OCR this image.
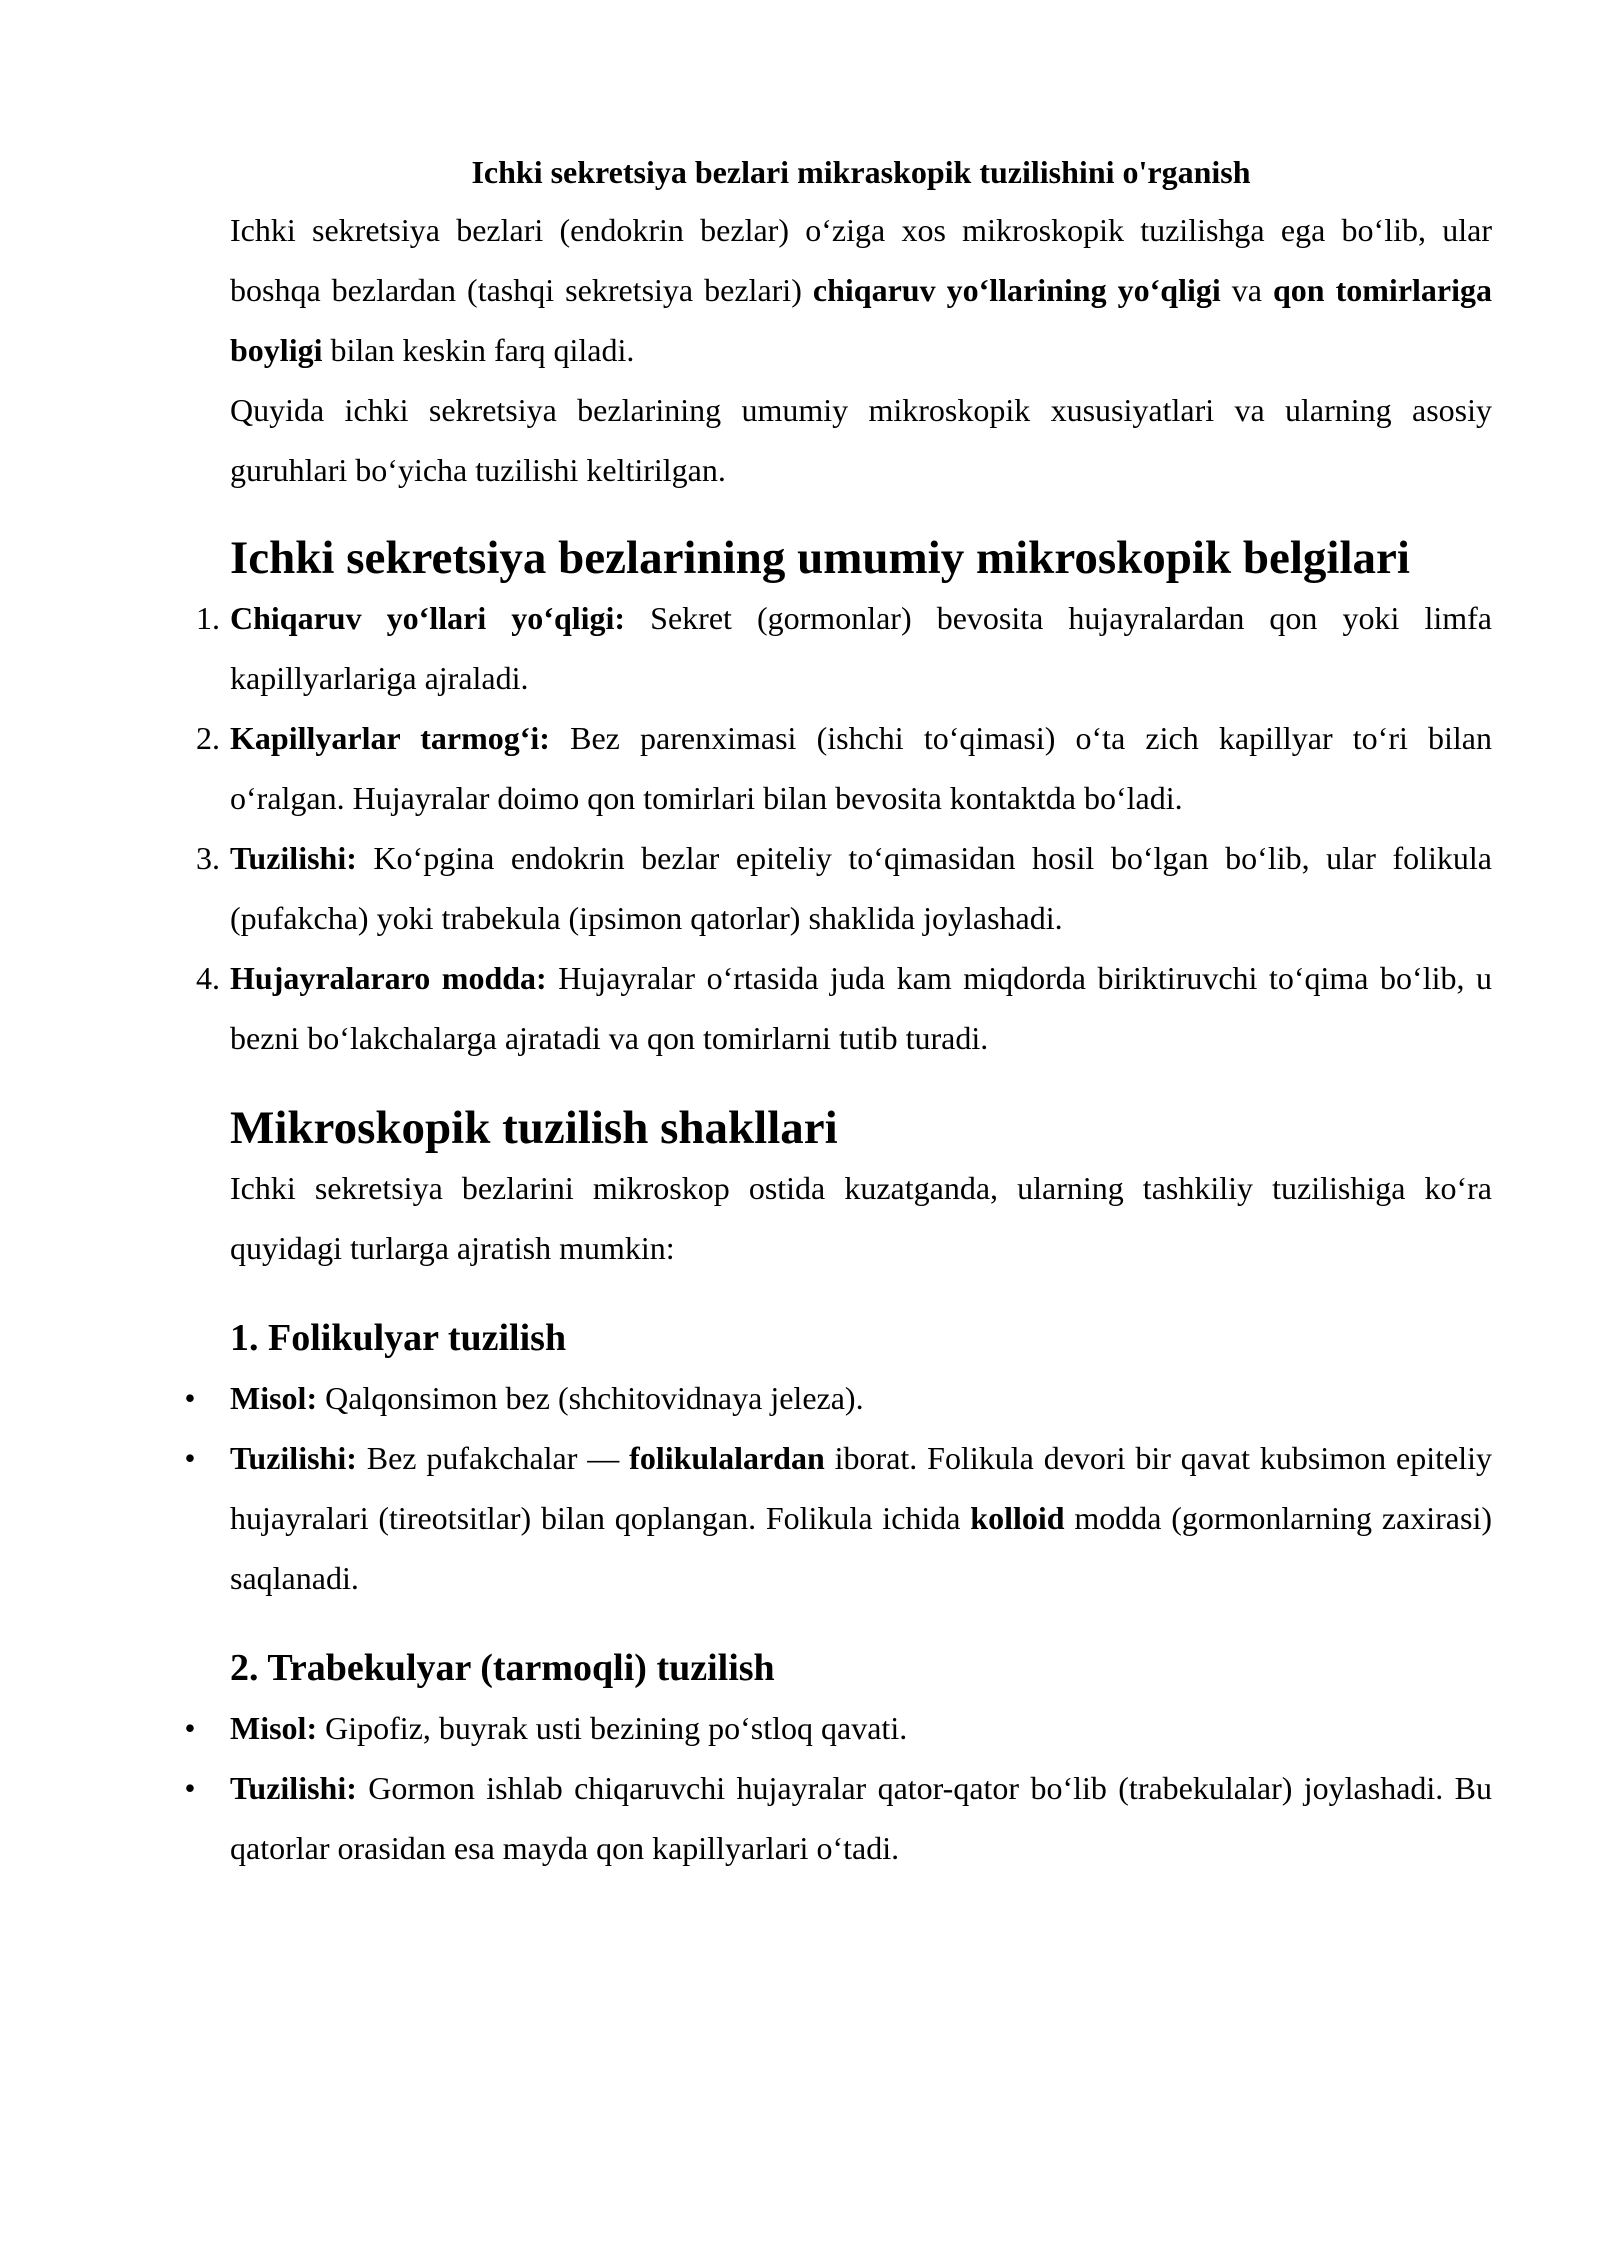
Ichki sekretsiya bezlari mikraskopik tuzilishini o'rganish

Ichki sekretsiya bezlari (endokrin bezlar) o‘ziga xos mikroskopik tuzilishga ega bo‘lib, ular boshqa bezlardan (tashqi sekretsiya bezlari) chiqaruv yo‘llarining yo‘qligi va qon tomirlariga boyligi bilan keskin farq qiladi.

Quyida ichki sekretsiya bezlarining umumiy mikroskopik xususiyatlari va ularning asosiy guruhlari bo‘yicha tuzilishi keltirilgan.

Ichki sekretsiya bezlarining umumiy mikroskopik belgilari
1. Chiqaruv yo‘llari yo‘qligi: Sekret (gormonlar) bevosita hujayralardan qon yoki limfa kapillyarlariga ajraladi.
2. Kapillyarlar tarmog‘i: Bez parenximasi (ishchi to‘qimasi) o‘ta zich kapillyar to‘ri bilan o‘ralgan. Hujayralar doimo qon tomirlari bilan bevosita kontaktda bo‘ladi.
3. Tuzilishi: Ko‘pgina endokrin bezlar epiteliy to‘qimasidan hosil bo‘lgan bo‘lib, ular folikula (pufakcha) yoki trabekula (ipsimon qatorlar) shaklida joylashadi.
4. Hujayralararo modda: Hujayralar o‘rtasida juda kam miqdorda biriktiruvchi to‘qima bo‘lib, u bezni bo‘lakchalarga ajratadi va qon tomirlarni tutib turadi.
Mikroskopik tuzilish shakllari

Ichki sekretsiya bezlarini mikroskop ostida kuzatganda, ularning tashkiliy tuzilishiga ko‘ra quyidagi turlarga ajratish mumkin:

1. Folikulyar tuzilish
• Misol: Qalqonsimon bez (shchitovidnaya jeleza).
• Tuzilishi: Bez pufakchalar — folikulalardan iborat. Folikula devori bir qavat kubsimon epiteliy hujayralari (tireotsitlar) bilan qoplangan. Folikula ichida kolloid modda (gormonlarning zaxirasi) saqlanadi.
2. Trabekulyar (tarmoqli) tuzilish
• Misol: Gipofiz, buyrak usti bezining po‘stloq qavati.
• Tuzilishi: Gormon ishlab chiqaruvchi hujayralar qator-qator bo‘lib (trabekulalar) joylashadi. Bu qatorlar orasidan esa mayda qon kapillyarlari o‘tadi.
